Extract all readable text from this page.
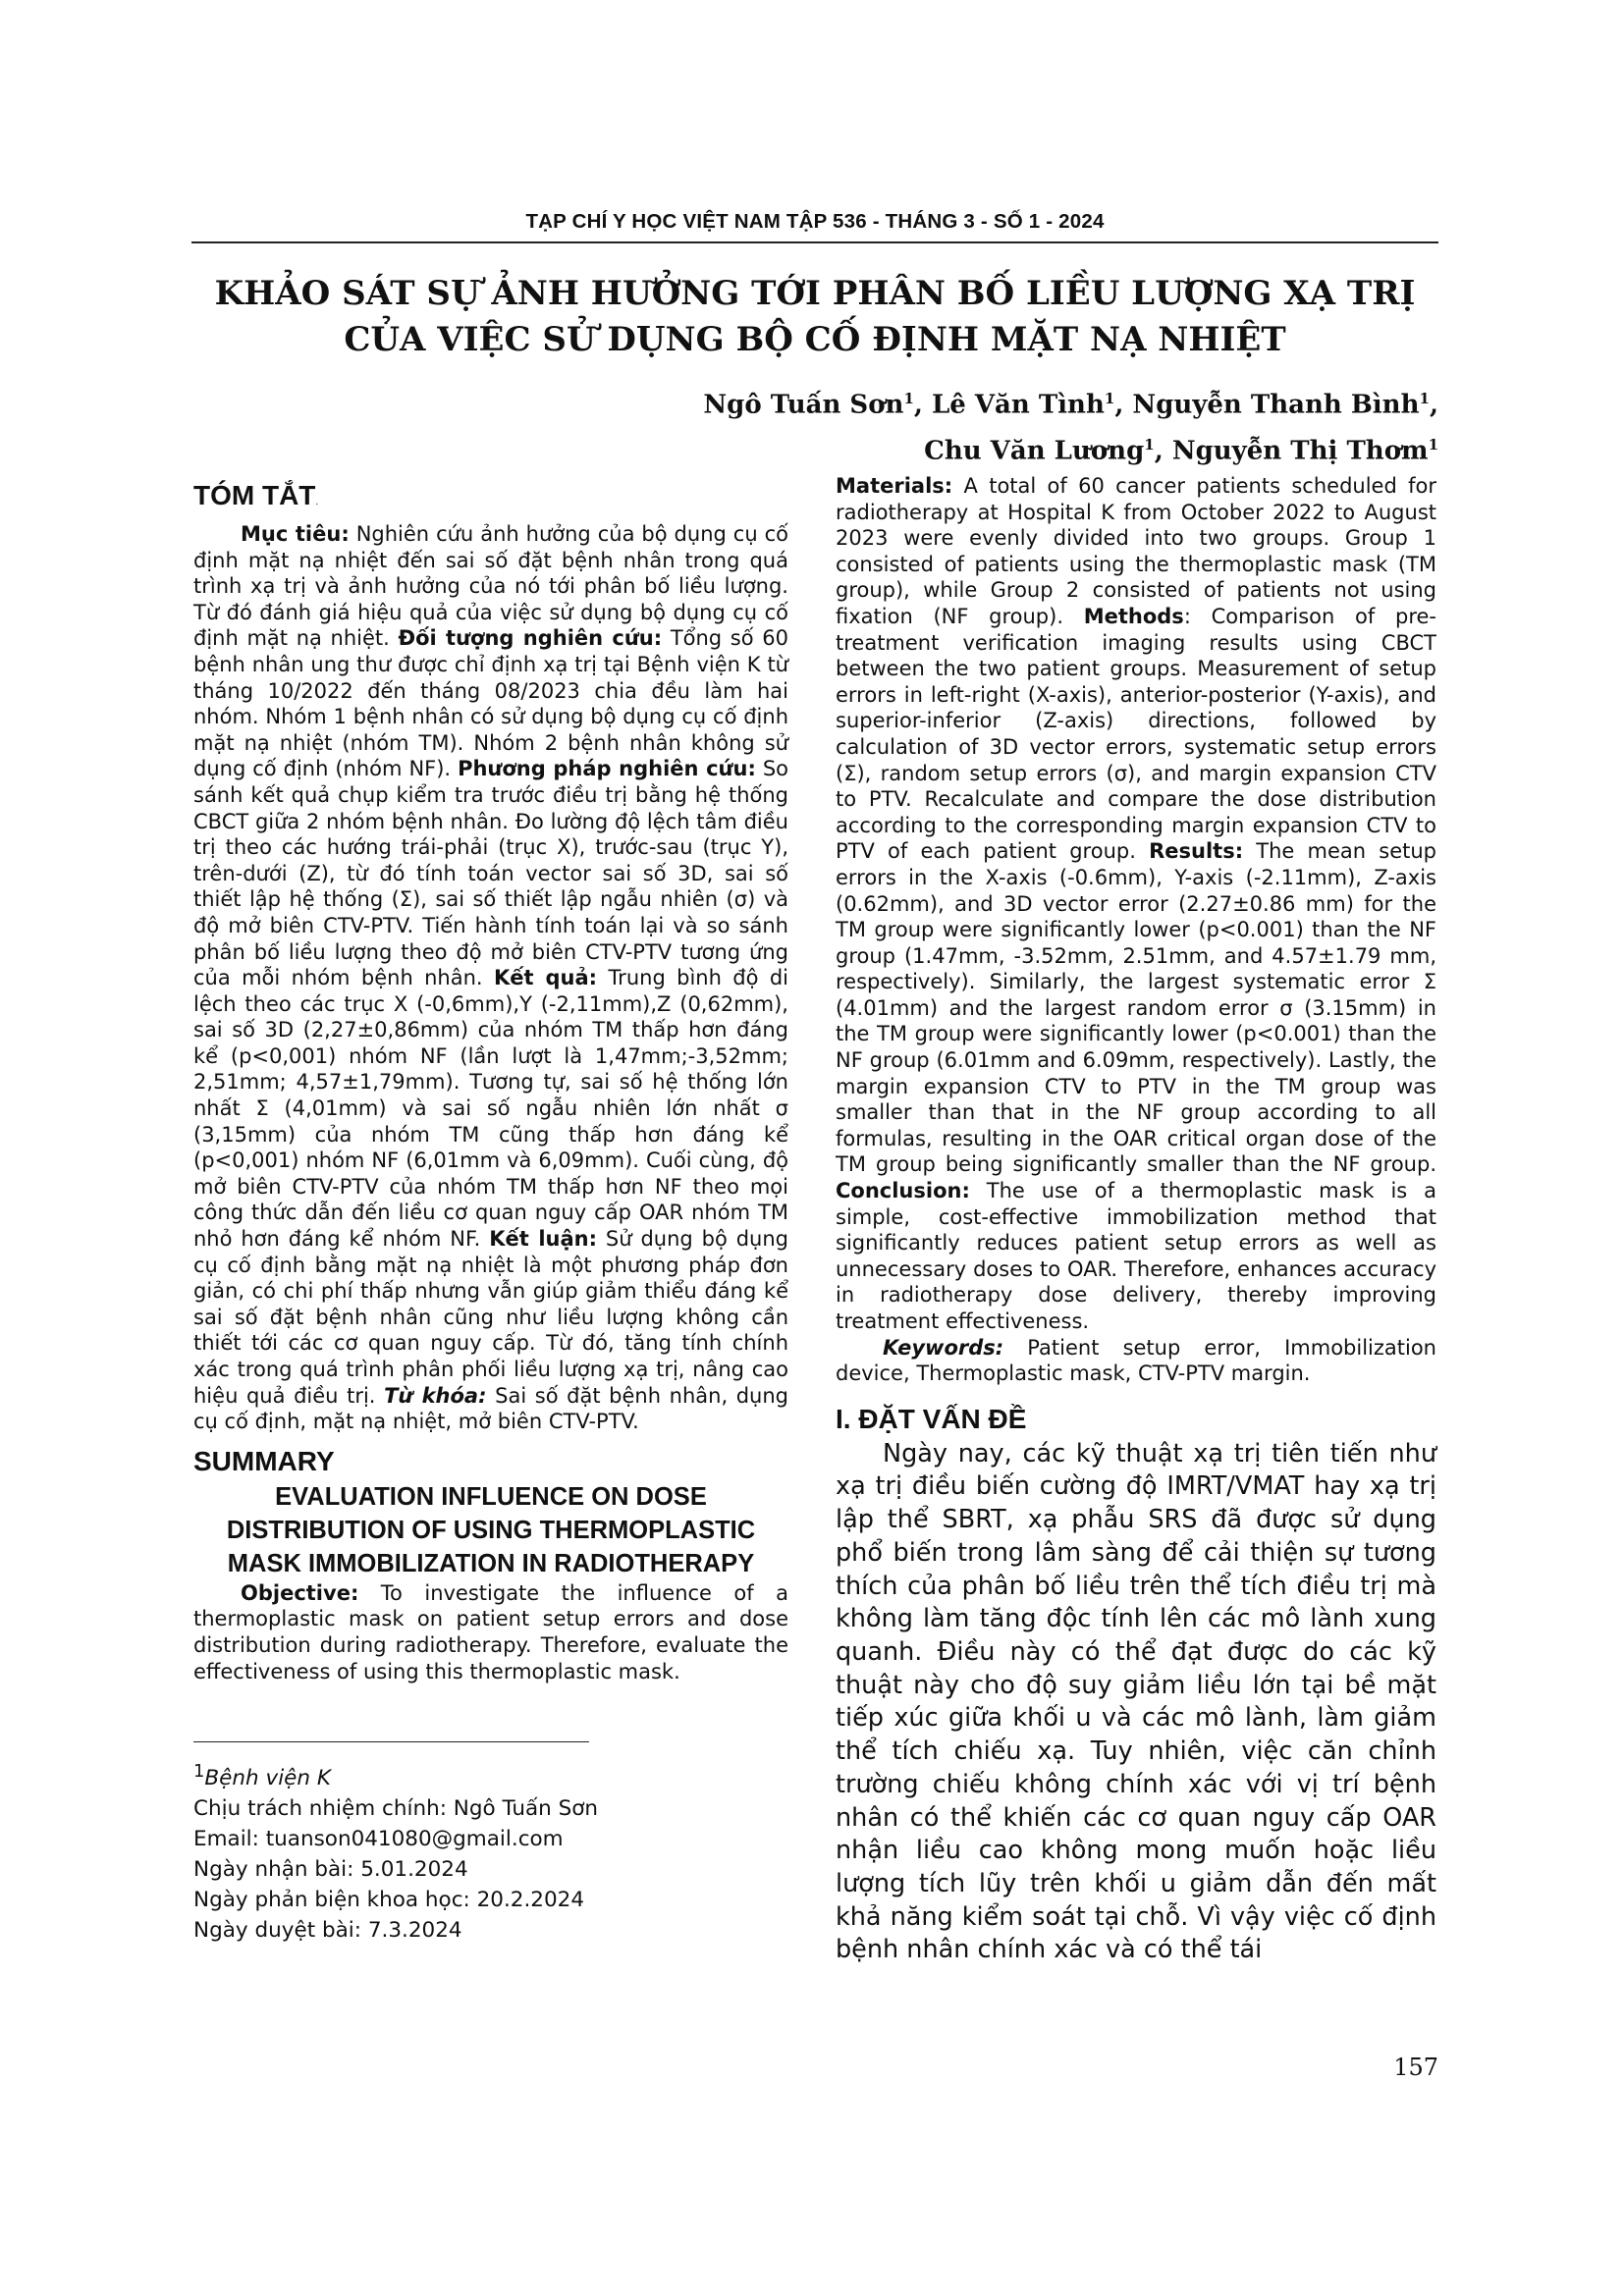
TẠP CHÍ Y HỌC VIỆT NAM TẬP 536 - THÁNG 3 - SỐ 1 - 2024
KHẢO SÁT SỰ ẢNH HƯỞNG TỚI PHÂN BỐ LIỀU LƯỢNG XẠ TRỊ
CỦA VIỆC SỬ DỤNG BỘ CỐ ĐỊNH MẶT NẠ NHIỆT
Ngô Tuấn Sơn$^1$, Lê Văn Tình$^1$, Nguyễn Thanh Bình$^1$,
Chu Văn Lương$^1$, Nguyễn Thị Thơm$^1$
TÓM TẮT.

Mục tiêu: Nghiên cứu ảnh hưởng của bộ dụng cụ cố định mặt nạ nhiệt đến sai số đặt bệnh nhân trong quá trình xạ trị và ảnh hưởng của nó tới phân bố liều lượng. Từ đó đánh giá hiệu quả của việc sử dụng bộ dụng cụ cố định mặt nạ nhiệt. Đối tượng nghiên cứu: Tổng số 60 bệnh nhân ung thư được chỉ định xạ trị tại Bệnh viện K từ tháng 10/2022 đến tháng 08/2023 chia đều làm hai nhóm. Nhóm 1 bệnh nhân có sử dụng bộ dụng cụ cố định mặt nạ nhiệt (nhóm TM). Nhóm 2 bệnh nhân không sử dụng cố định (nhóm NF). Phương pháp nghiên cứu: So sánh kết quả chụp kiểm tra trước điều trị bằng hệ thống CBCT giữa 2 nhóm bệnh nhân. Đo lường độ lệch tâm điều trị theo các hướng trái-phải (trục X), trước-sau (trục Y), trên-dưới (Z), từ đó tính toán vector sai số 3D, sai số thiết lập hệ thống (Σ), sai số thiết lập ngẫu nhiên (σ) và độ mở biên CTV-PTV. Tiến hành tính toán lại và so sánh phân bố liều lượng theo độ mở biên CTV-PTV tương ứng của mỗi nhóm bệnh nhân. Kết quả: Trung bình độ di lệch theo các trục X (-0,6mm),Y (-2,11mm),Z (0,62mm), sai số 3D (2,27±0,86mm) của nhóm TM thấp hơn đáng kể (p<0,001) nhóm NF (lần lượt là 1,47mm;-3,52mm; 2,51mm; 4,57±1,79mm). Tương tự, sai số hệ thống lớn nhất Σ (4,01mm) và sai số ngẫu nhiên lớn nhất σ (3,15mm) của nhóm TM cũng thấp hơn đáng kể (p<0,001) nhóm NF (6,01mm và 6,09mm). Cuối cùng, độ mở biên CTV-PTV của nhóm TM thấp hơn NF theo mọi công thức dẫn đến liều cơ quan nguy cấp OAR nhóm TM nhỏ hơn đáng kể nhóm NF. Kết luận: Sử dụng bộ dụng cụ cố định bằng mặt nạ nhiệt là một phương pháp đơn giản, có chi phí thấp nhưng vẫn giúp giảm thiểu đáng kể sai số đặt bệnh nhân cũng như liều lượng không cần thiết tới các cơ quan nguy cấp. Từ đó, tăng tính chính xác trong quá trình phân phối liều lượng xạ trị, nâng cao hiệu quả điều trị. Từ khóa: Sai số đặt bệnh nhân, dụng cụ cố định, mặt nạ nhiệt, mở biên CTV-PTV.

SUMMARY
EVALUATION INFLUENCE ON DOSE
DISTRIBUTION OF USING THERMOPLASTIC
MASK IMMOBILIZATION IN RADIOTHERAPY

Objective: To investigate the influence of a thermoplastic mask on patient setup errors and dose distribution during radiotherapy. Therefore, evaluate the effectiveness of using this thermoplastic mask.

$^1$Bệnh viện K

Chịu trách nhiệm chính: Ngô Tuấn Sơn

Email: tuanson041080@gmail.com

Ngày nhận bài: 5.01.2024

Ngày phản biện khoa học: 20.2.2024

Ngày duyệt bài: 7.3.2024

Materials: A total of 60 cancer patients scheduled for radiotherapy at Hospital K from October 2022 to August 2023 were evenly divided into two groups. Group 1 consisted of patients using the thermoplastic mask (TM group), while Group 2 consisted of patients not using fixation (NF group). Methods: Comparison of pre-treatment verification imaging results using CBCT between the two patient groups. Measurement of setup errors in left-right (X-axis), anterior-posterior (Y-axis), and superior-inferior (Z-axis) directions, followed by calculation of 3D vector errors, systematic setup errors (Σ), random setup errors (σ), and margin expansion CTV to PTV. Recalculate and compare the dose distribution according to the corresponding margin expansion CTV to PTV of each patient group. Results: The mean setup errors in the X-axis (-0.6mm), Y-axis (-2.11mm), Z-axis (0.62mm), and 3D vector error (2.27±0.86 mm) for the TM group were significantly lower (p<0.001) than the NF group (1.47mm, -3.52mm, 2.51mm, and 4.57±1.79 mm, respectively). Similarly, the largest systematic error Σ (4.01mm) and the largest random error σ (3.15mm) in the TM group were significantly lower (p<0.001) than the NF group (6.01mm and 6.09mm, respectively). Lastly, the margin expansion CTV to PTV in the TM group was smaller than that in the NF group according to all formulas, resulting in the OAR critical organ dose of the TM group being significantly smaller than the NF group. Conclusion: The use of a thermoplastic mask is a simple, cost-effective immobilization method that significantly reduces patient setup errors as well as unnecessary doses to OAR. Therefore, enhances accuracy in radiotherapy dose delivery, thereby improving treatment effectiveness.

Keywords: Patient setup error, Immobilization device, Thermoplastic mask, CTV-PTV margin.

I. ĐẶT VẤN ĐỀ

Ngày nay, các kỹ thuật xạ trị tiên tiến như xạ trị điều biến cường độ IMRT/VMAT hay xạ trị lập thể SBRT, xạ phẫu SRS đã được sử dụng phổ biến trong lâm sàng để cải thiện sự tương thích của phân bố liều trên thể tích điều trị mà không làm tăng độc tính lên các mô lành xung quanh. Điều này có thể đạt được do các kỹ thuật này cho độ suy giảm liều lớn tại bề mặt tiếp xúc giữa khối u và các mô lành, làm giảm thể tích chiếu xạ. Tuy nhiên, việc căn chỉnh trường chiếu không chính xác với vị trí bệnh nhân có thể khiến các cơ quan nguy cấp OAR nhận liều cao không mong muốn hoặc liều lượng tích lũy trên khối u giảm dẫn đến mất khả năng kiểm soát tại chỗ. Vì vậy việc cố định bệnh nhân chính xác và có thể tái

157
